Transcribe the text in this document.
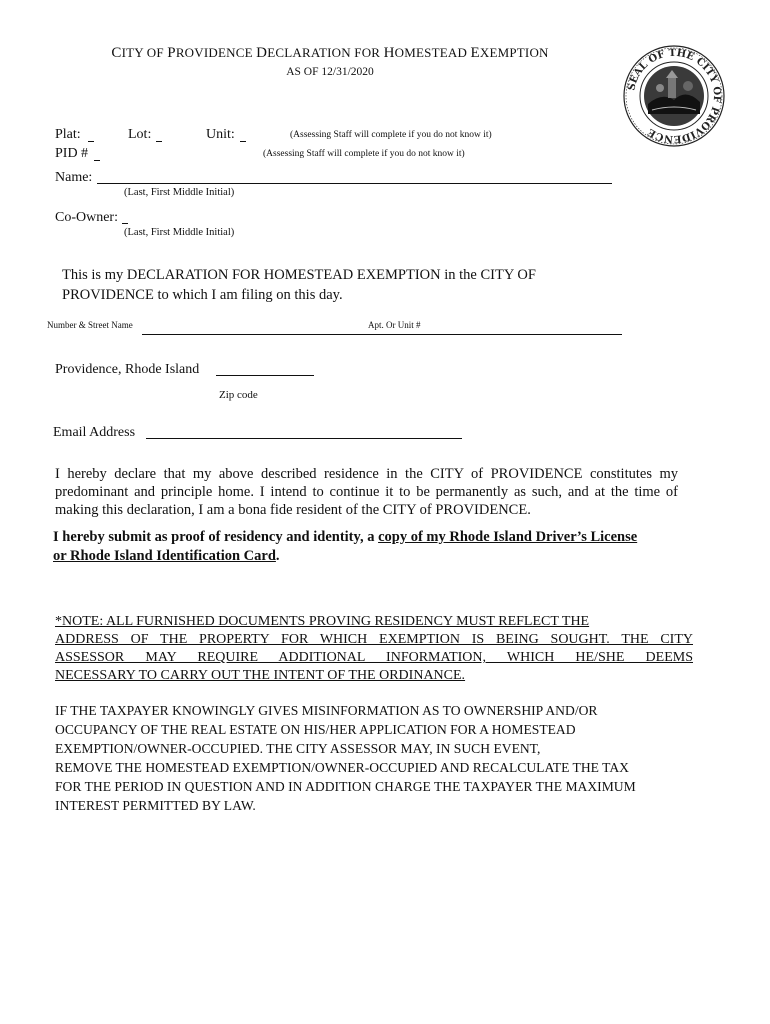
CITY OF PROVIDENCE DECLARATION FOR HOMESTEAD EXEMPTION
AS OF 12/31/2020
SEAL OF THE CITY OF PROVIDENCE
Plat:	Lot:	Unit:	(Assessing Staff will complete if you do not know it)
PID #	(Assessing Staff will complete if you do not know it)
Name:
(Last, First Middle Initial)
Co-Owner:
(Last, First Middle Initial)
This is my DECLARATION FOR HOMESTEAD EXEMPTION in the CITY OF
PROVIDENCE to which I am filing on this day.
Number & Street Name	Apt. Or Unit #
Providence, Rhode Island
Zip code
Email Address
I hereby declare that my above described residence in the CITY of PROVIDENCE constitutes my predominant and principle home. I intend to continue it to be permanently as such, and at the time of making this declaration, I am a bona fide resident of the CITY of PROVIDENCE.
I hereby submit as proof of residency and identity, a copy of my Rhode Island Driver’s License
or Rhode Island Identification Card.
*NOTE: ALL FURNISHED DOCUMENTS PROVING RESIDENCY MUST REFLECT THE
ADDRESS OF THE PROPERTY FOR WHICH EXEMPTION IS BEING SOUGHT. THE CITY
ASSESSOR MAY REQUIRE ADDITIONAL INFORMATION, WHICH HE/SHE DEEMS
NECESSARY TO CARRY OUT THE INTENT OF THE ORDINANCE.
IF THE TAXPAYER KNOWINGLY GIVES MISINFORMATION AS TO OWNERSHIP AND/OR
OCCUPANCY OF THE REAL ESTATE ON HIS/HER APPLICATION FOR A HOMESTEAD
EXEMPTION/OWNER-OCCUPIED. THE CITY ASSESSOR MAY, IN SUCH EVENT,
REMOVE THE HOMESTEAD EXEMPTION/OWNER-OCCUPIED AND RECALCULATE THE TAX
FOR THE PERIOD IN QUESTION AND IN ADDITION CHARGE THE TAXPAYER THE MAXIMUM
INTEREST PERMITTED BY LAW.
